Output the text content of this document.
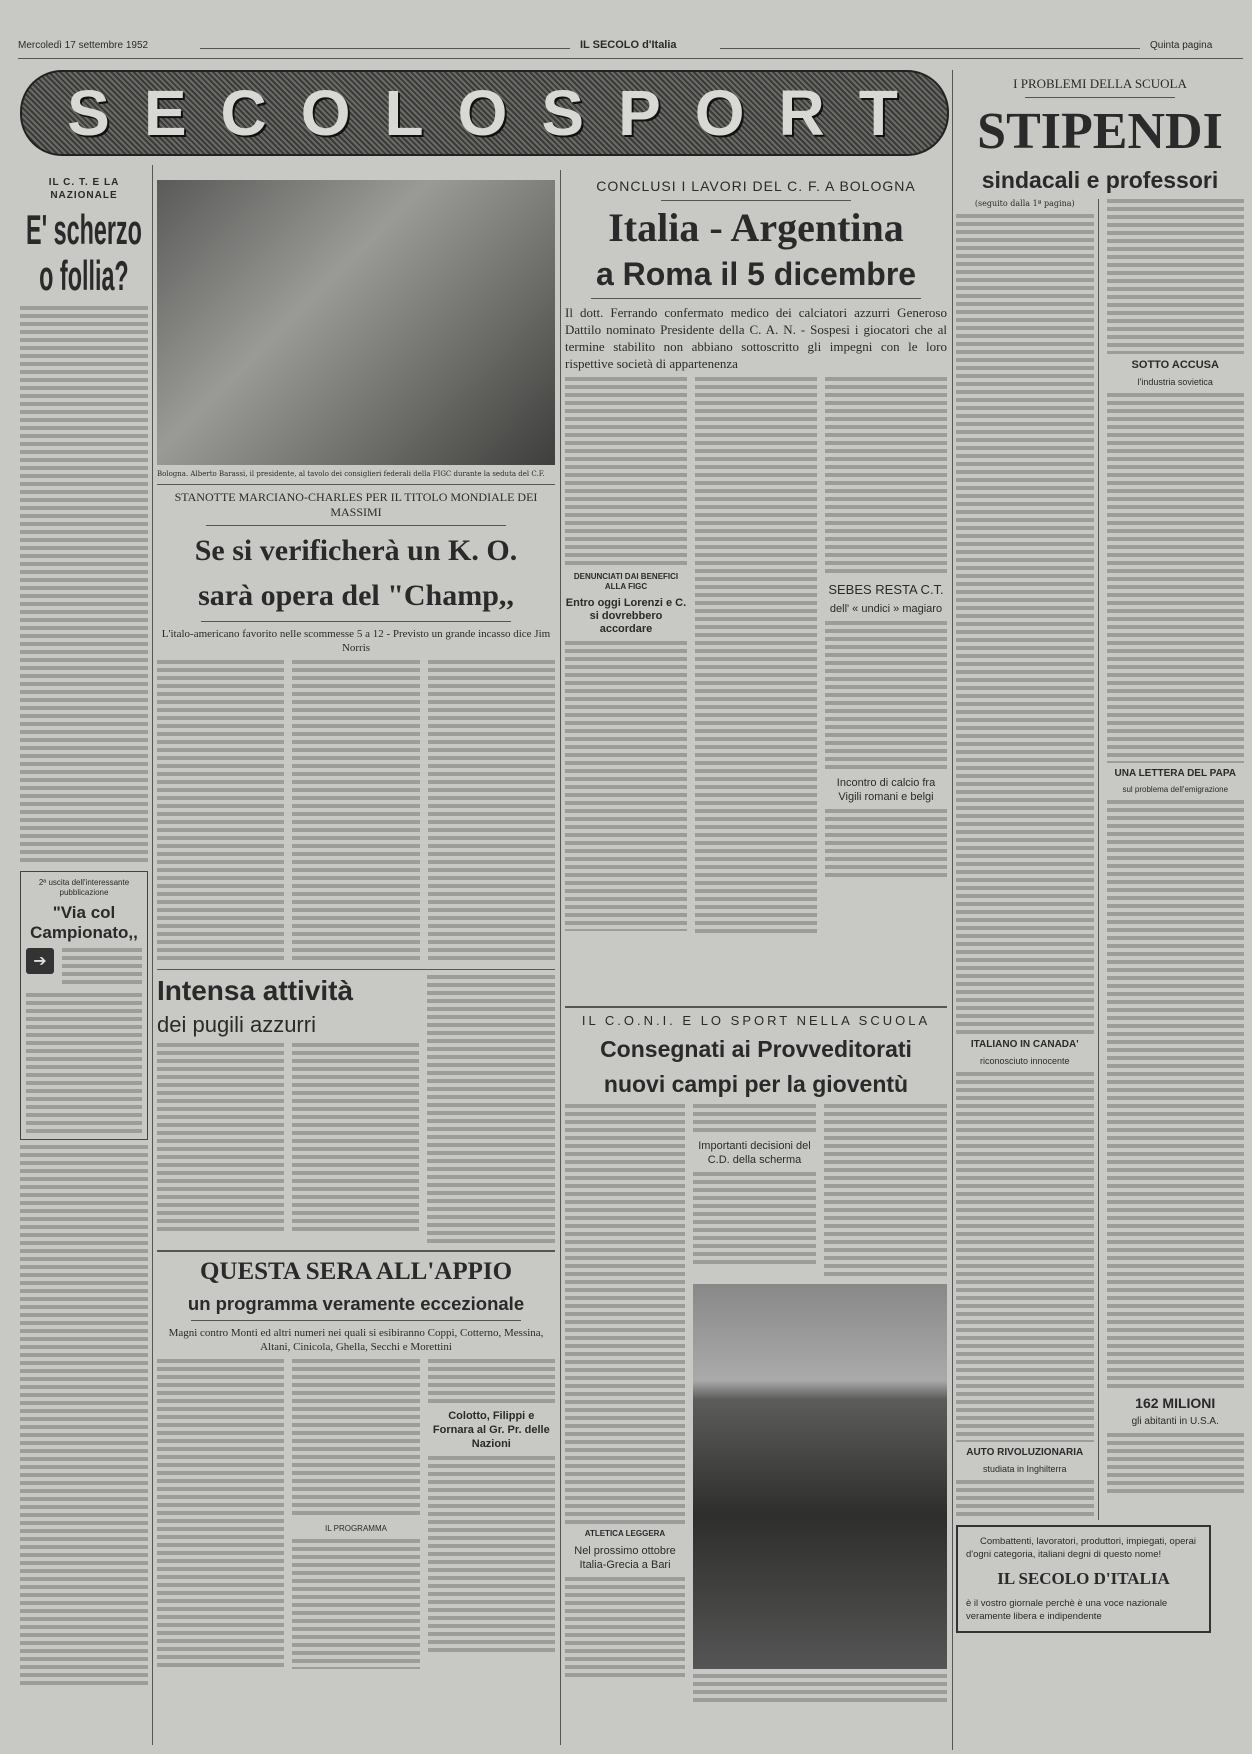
Mercoledì 17 settembre 1952	IL SECOLO d'Italia	Quinta pagina
SECOLOSPORT
IL C. T. E LA NAZIONALE
E' scherzo o follia?
2ª uscita dell'interessante pubblicazione
"Via col Campionato,,
➔
Bologna. Alberto Barassi, il presidente, al tavolo dei consiglieri federali della FIGC durante la seduta del C.F.
STANOTTE MARCIANO-CHARLES PER IL TITOLO MONDIALE DEI MASSIMI
Se si verificherà un K. O.
sarà opera del "Champ,,
L'italo-americano favorito nelle scommesse 5 a 12 - Previsto un grande incasso dice Jim Norris
Intensa attività
dei pugili azzurri
QUESTA SERA ALL'APPIO
un programma veramente eccezionale
Magni contro Monti ed altri numeri nei quali si esibiranno Coppi, Cotterno, Messina, Altani, Cinicola, Ghella, Secchi e Morettini
IL PROGRAMMA
Colotto, Filippi e Fornara al Gr. Pr. delle Nazioni
CONCLUSI I LAVORI DEL C. F. A BOLOGNA
Italia - Argentina
a Roma il 5 dicembre
Il dott. Ferrando confermato medico dei calciatori azzurri Generoso Dattilo nominato Presidente della C. A. N. - Sospesi i giocatori che al termine stabilito non abbiano sottoscritto gli impegni con le loro rispettive società di appartenenza
DENUNCIATI DAI BENEFICI ALLA FIGC
Entro oggi Lorenzi e C. si dovrebbero accordare
SEBES RESTA C.T.
dell' « undici » magiaro
Incontro di calcio fra Vigili romani e belgi
IL C.O.N.I. E LO SPORT NELLA SCUOLA
Consegnati ai Provveditorati
nuovi campi per la gioventù
ATLETICA LEGGERA
Nel prossimo ottobre Italia-Grecia a Bari
Importanti decisioni del C.D. della scherma
I PROBLEMI DELLA SCUOLA
STIPENDI
sindacali e professori
(seguito dalla 1ª pagina)
ITALIANO IN CANADA'
riconosciuto innocente
AUTO RIVOLUZIONARIA
studiata in Inghilterra
SOTTO ACCUSA
l'industria sovietica
UNA LETTERA DEL PAPA
sul problema dell'emigrazione
162 MILIONI
gli abitanti in U.S.A.
Combattenti, lavoratori, produttori, impiegati, operai d'ogni categoria, italiani degni di questo nome!
IL SECOLO D'ITALIA
è il vostro giornale perchè è una voce nazionale veramente libera e indipendente
